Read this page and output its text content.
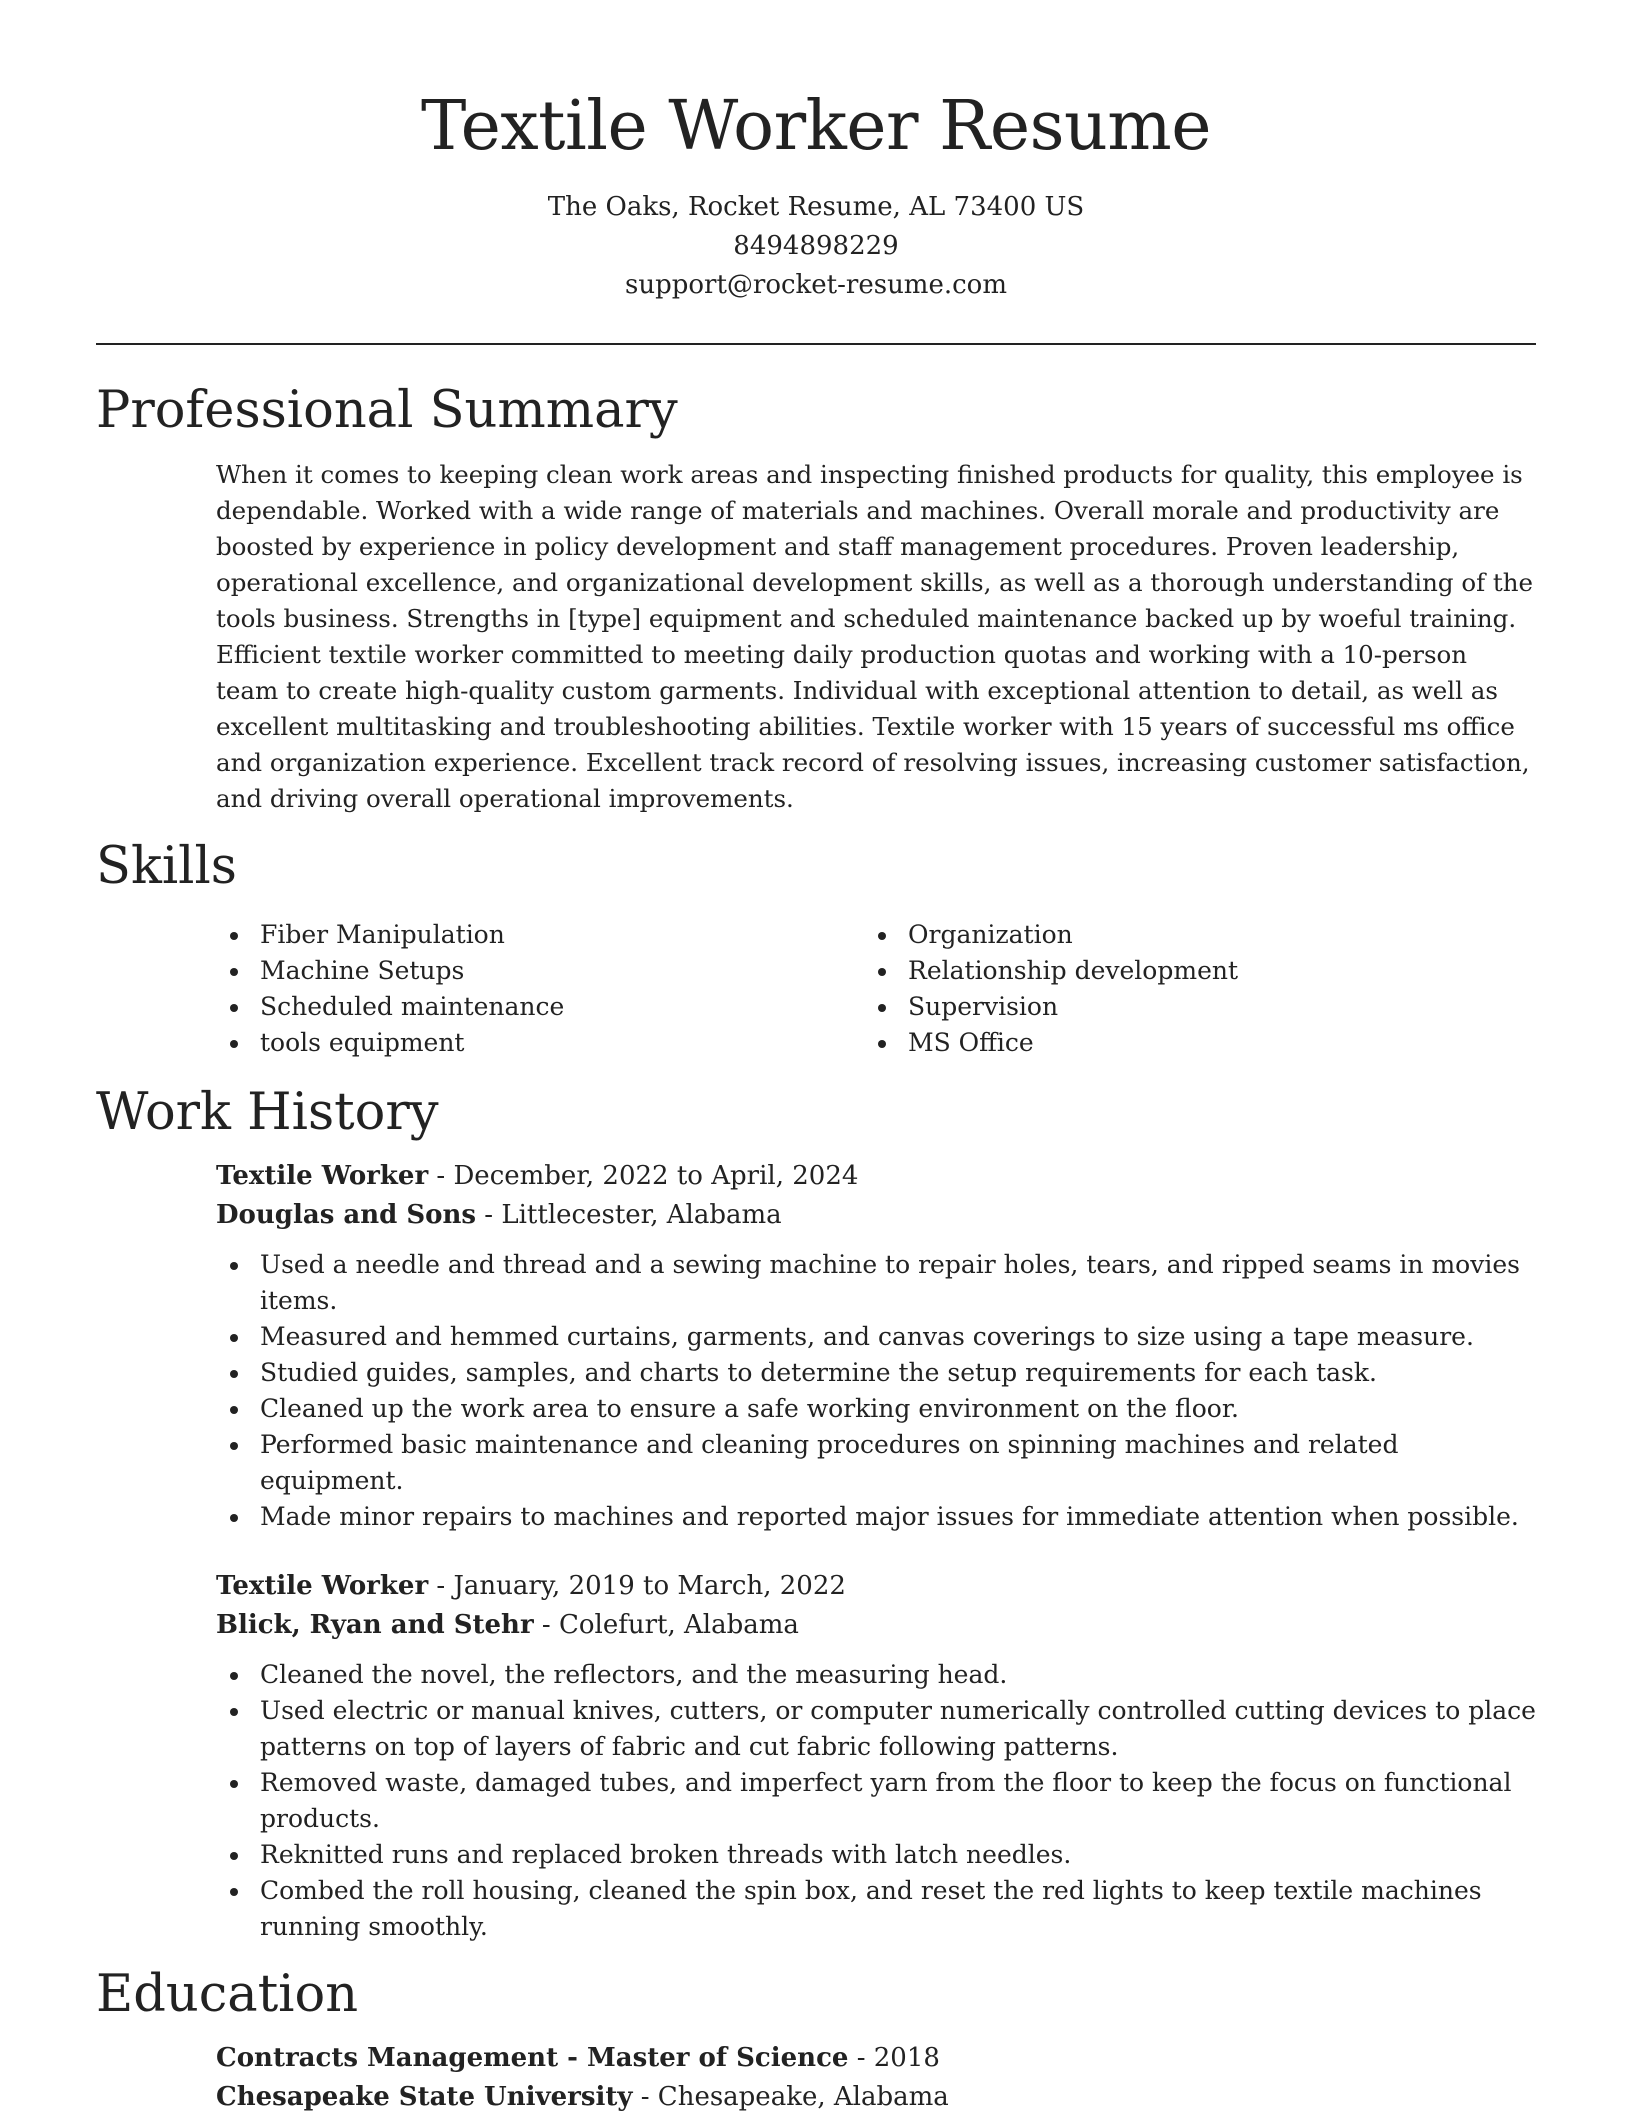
Textile Worker Resume
The Oaks, Rocket Resume, AL 73400 US
8494898229
support@rocket-resume.com
Professional Summary

When it comes to keeping clean work areas and inspecting finished products for quality, this employee is dependable. Worked with a wide range of materials and machines. Overall morale and productivity are boosted by experience in policy development and staff management procedures. Proven leadership, operational excellence, and organizational development skills, as well as a thorough understanding of the tools business. Strengths in [type] equipment and scheduled maintenance backed up by woeful training. Efficient textile worker committed to meeting daily production quotas and working with a 10-person team to create high-quality custom garments. Individual with exceptional attention to detail, as well as excellent multitasking and troubleshooting abilities. Textile worker with 15 years of successful ms office and organization experience. Excellent track record of resolving issues, increasing customer satisfaction, and driving overall operational improvements.

Skills
Fiber Manipulation
Machine Setups
Scheduled maintenance
tools equipment
Organization
Relationship development
Supervision
MS Office
Work History
Textile Worker - December, 2022 to April, 2024
Douglas and Sons - Littlecester, Alabama
Used a needle and thread and a sewing machine to repair holes, tears, and ripped seams in movies items.
Measured and hemmed curtains, garments, and canvas coverings to size using a tape measure.
Studied guides, samples, and charts to determine the setup requirements for each task.
Cleaned up the work area to ensure a safe working environment on the floor.
Performed basic maintenance and cleaning procedures on spinning machines and related equipment.
Made minor repairs to machines and reported major issues for immediate attention when possible.
Textile Worker - January, 2019 to March, 2022
Blick, Ryan and Stehr - Colefurt, Alabama
Cleaned the novel, the reflectors, and the measuring head.
Used electric or manual knives, cutters, or computer numerically controlled cutting devices to place patterns on top of layers of fabric and cut fabric following patterns.
Removed waste, damaged tubes, and imperfect yarn from the floor to keep the focus on functional products.
Reknitted runs and replaced broken threads with latch needles.
Combed the roll housing, cleaned the spin box, and reset the red lights to keep textile machines running smoothly.
Education
Contracts Management - Master of Science - 2018
Chesapeake State University - Chesapeake, Alabama
